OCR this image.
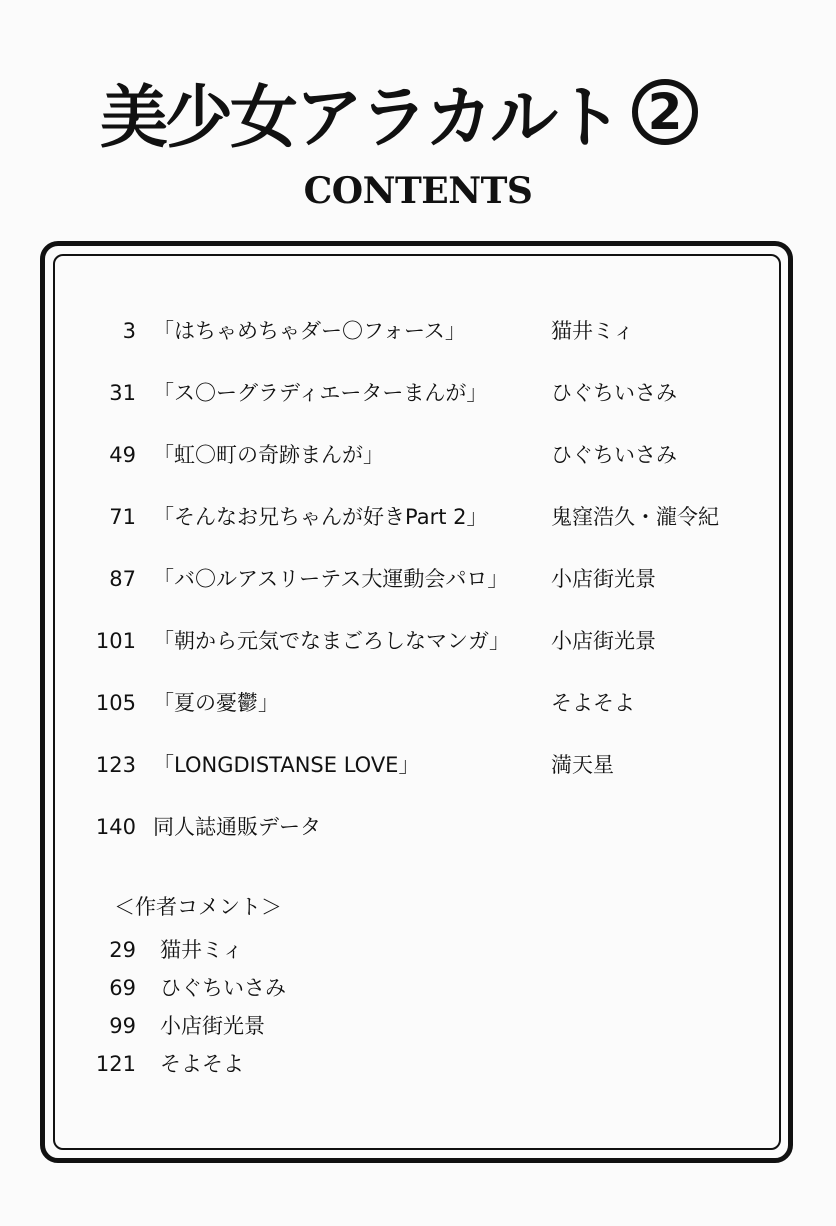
美少女アラカルト 2
CONTENTS
3 「はちゃめちゃダー〇フォース」	猫井ミィ
31 「ス〇ーグラディエーターまんが」	ひぐちいさみ
49 「虹〇町の奇跡まんが」	ひぐちいさみ
71 「そんなお兄ちゃんが好きPart 2」	鬼窪浩久・瀧令紀
87 「バ〇ルアスリーテス大運動会パロ」 小店街光景
101 「朝から元気でなまごろしなマンガ」 小店街光景
105 「夏の憂鬱」	そよそよ
123 「LONGDISTANSE LOVE」	満天星
140 同人誌通販データ
＜作者コメント＞
29 猫井ミィ
69 ひぐちいさみ
99 小店街光景
121 そよそよ
